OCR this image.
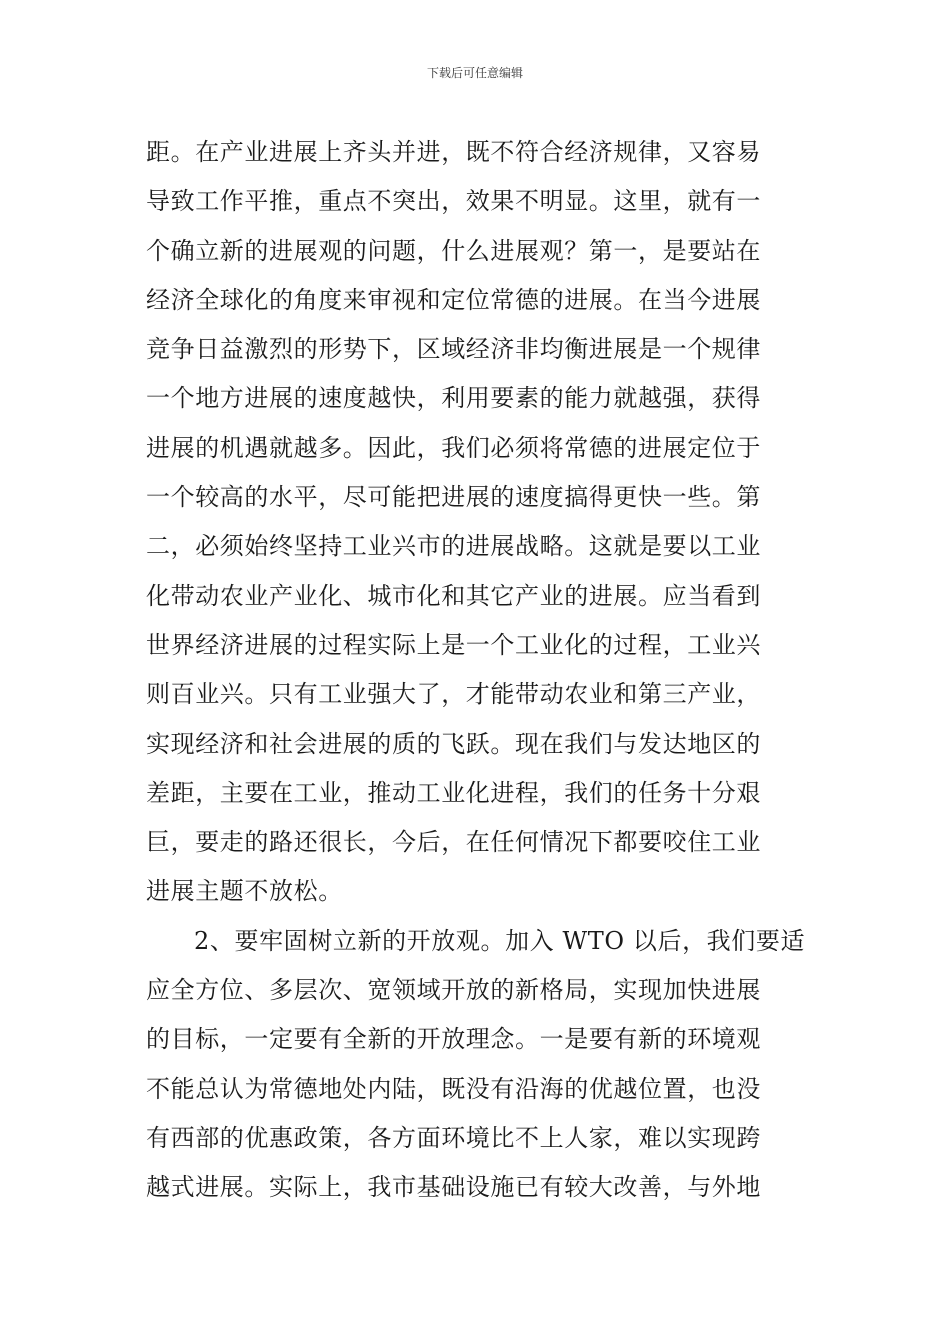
下载后可任意编辑
距。在产业进展上齐头并进，既不符合经济规律，又容易
导致工作平推，重点不突出，效果不明显。这里，就有一
个确立新的进展观的问题，什么进展观？第一，是要站在
经济全球化的角度来审视和定位常德的进展。在当今进展
竞争日益激烈的形势下，区域经济非均衡进展是一个规律
一个地方进展的速度越快，利用要素的能力就越强，获得
进展的机遇就越多。因此，我们必须将常德的进展定位于
一个较高的水平，尽可能把进展的速度搞得更快一些。第
二，必须始终坚持工业兴市的进展战略。这就是要以工业
化带动农业产业化、城市化和其它产业的进展。应当看到
世界经济进展的过程实际上是一个工业化的过程，工业兴
则百业兴。只有工业强大了，才能带动农业和第三产业，
实现经济和社会进展的质的飞跃。现在我们与发达地区的
差距，主要在工业，推动工业化进程，我们的任务十分艰
巨，要走的路还很长，今后，在任何情况下都要咬住工业
进展主题不放松。
2、要牢固树立新的开放观。加入 WTO 以后，我们要适
应全方位、多层次、宽领域开放的新格局，实现加快进展
的目标，一定要有全新的开放理念。一是要有新的环境观
不能总认为常德地处内陆，既没有沿海的优越位置，也没
有西部的优惠政策，各方面环境比不上人家，难以实现跨
越式进展。实际上，我市基础设施已有较大改善，与外地
